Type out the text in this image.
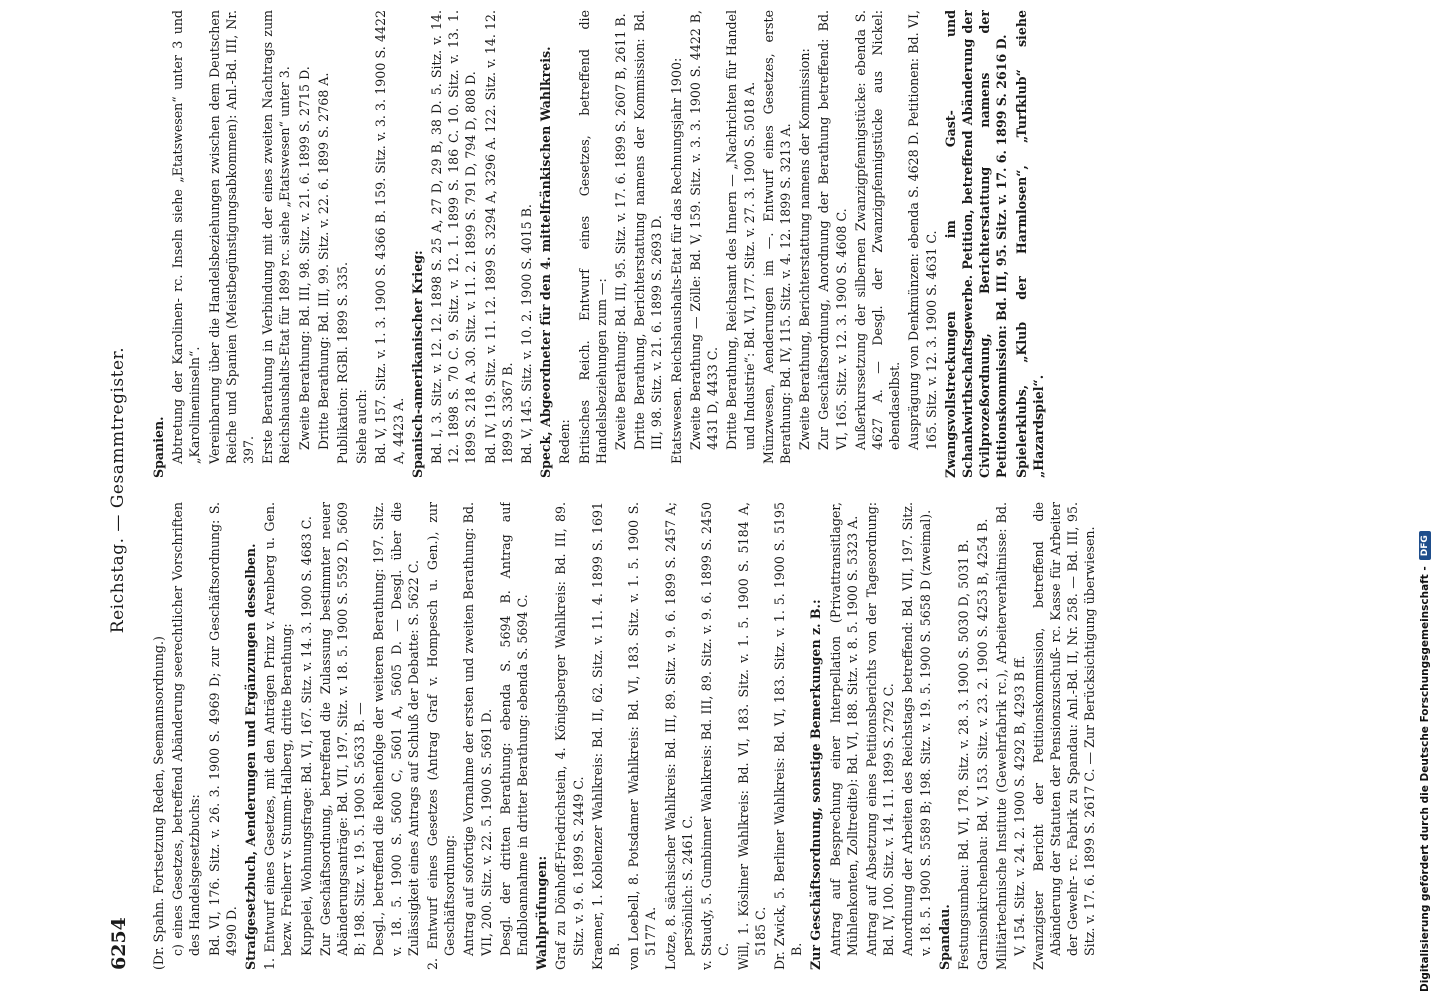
6254
Reichstag. — Gesammtregister.

(Dr. Spahn. Fortsetzung Reden, Seemannsordnung.) c) eines Gesetzes, betreffend Abänderung seerechtlicher Vorschriften des Handelsgesetzbuchs: Bd. VI, 176. Sitz. v. 26. 3. 1900 S. 4969 D; zur Geschäftsordnung: S. 4990 D. Strafgesetzbuch, Aenderungen und Ergänzungen desselben. 1. Entwurf eines Gesetzes, mit den Anträgen Prinz v. Arenberg u. Gen. bezw. Freiherr v. Stumm-Halberg, dritte Berathung: Kuppelei, Wohnungsfrage: Bd. VI, 167. Sitz. v. 14. 3. 1900 S. 4683 C. Zur Geschäftsordnung, betreffend die Zulassung bestimmter neuer Abänderungsanträge: Bd. VII, 197. Sitz. v. 18. 5. 1900 S. 5592 D, 5609 B; 198. Sitz. v. 19. 5. 1900 S. 5633 B. — Desgl., betreffend die Reihenfolge der weiteren Berathung: 197. Sitz. v. 18. 5. 1900 S. 5600 C, 5601 A, 5605 D. — Desgl. über die Zulässigkeit eines Antrags auf Schluß der Debatte: S. 5622 C. 2. Entwurf eines Gesetzes (Antrag Graf v. Hompesch u. Gen.), zur Geschäftsordnung: Antrag auf sofortige Vornahme der ersten und zweiten Berathung: Bd. VII, 200. Sitz. v. 22. 5. 1900 S. 5691 D. Desgl. der dritten Berathung: ebenda S. 5694 B. Antrag auf Endbloannahme in dritter Berathung: ebenda S. 5694 C. Wahlprüfungen: Graf zu Dönhoff-Friedrichstein, 4. Königsberger Wahlkreis: Bd. III, 89. Sitz. v. 9. 6. 1899 S. 2449 C. Kraemer, 1. Koblenzer Wahlkreis: Bd. II, 62. Sitz. v. 11. 4. 1899 S. 1691 B. von Loebell, 8. Potsdamer Wahlkreis: Bd. VI, 183. Sitz. v. 1. 5. 1900 S. 5177 A. Lotze, 8. sächsischer Wahlkreis: Bd. III, 89. Sitz. v. 9. 6. 1899 S. 2457 A; persönlich: S. 2461 C. v. Staudy, 5. Gumbinner Wahlkreis: Bd. III, 89. Sitz. v. 9. 6. 1899 S. 2450 C. Will, 1. Kösliner Wahlkreis: Bd. VI, 183. Sitz. v. 1. 5. 1900 S. 5184 A, 5185 C. Dr. Zwick, 5. Berliner Wahlkreis: Bd. VI, 183. Sitz. v. 1. 5. 1900 S. 5195 B. Zur Geschäftsordnung, sonstige Bemerkungen z. B.: Antrag auf Besprechung einer Interpellation (Privattransitlager, Mühlenkonten, Zolltredite): Bd. VI, 188. Sitz. v. 8. 5. 1900 S. 5323 A. Antrag auf Absetzung eines Petitionsberichts von der Tagesordnung: Bd. IV, 100. Sitz. v. 14. 11. 1899 S. 2792 C. Anordnung der Arbeiten des Reichstags betreffend: Bd. VII, 197. Sitz. v. 18. 5. 1900 S. 5589 B; 198. Sitz. v. 19. 5. 1900 S. 5658 D (zweimal). Spandau. Festungsumbau: Bd. VI, 178. Sitz. v. 28. 3. 1900 S. 5030 D, 5031 B. Garnisonkirchenbau: Bd. V, 153. Sitz. v. 23. 2. 1900 S. 4253 B, 4254 B. Militärtechnische Institute (Gewehrfabrik rc.), Arbeiterverhältnisse: Bd. V, 154. Sitz. v. 24. 2. 1900 S. 4292 B, 4293 B ff. Zwanzigster Bericht der Petitionskommission, betreffend die Abänderung der Statuten der Pensionszuschuß- rc. Kasse für Arbeiter der Gewehr- rc. Fabrik zu Spandau: Anl.-Bd. II, Nr. 258. — Bd. III, 95. Sitz. v. 17. 6. 1899 S. 2617 C. — Zur Berücksichtigung überwiesen.

Spanien. Abtretung der Karolinen- rc. Inseln siehe „Etatswesen“ unter 3 und „Karolineninseln“. Vereinbarung über die Handelsbeziehungen zwischen dem Deutschen Reiche und Spanien (Meistbegünstigungsabkommen): Anl.-Bd. III, Nr. 397. Erste Berathung in Verbindung mit der eines zweiten Nachtrags zum Reichshaushalts-Etat für 1899 rc. siehe „Etatswesen“ unter 3. Zweite Berathung: Bd. III, 98. Sitz. v. 21. 6. 1899 S. 2715 D. Dritte Berathung: Bd. III, 99. Sitz. v. 22. 6. 1899 S. 2768 A. Publikation: RGBl. 1899 S. 335. Siehe auch: Bd. V, 157. Sitz. v. 1. 3. 1900 S. 4366 B. 159. Sitz. v. 3. 3. 1900 S. 4422 A, 4423 A. Spanisch-amerikanischer Krieg: Bd. I, 3. Sitz. v. 12. 12. 1898 S. 25 A, 27 D, 29 B, 38 D. 5. Sitz. v. 14. 12. 1898 S. 70 C. 9. Sitz. v. 12. 1. 1899 S. 186 C. 10. Sitz. v. 13. 1. 1899 S. 218 A. 30. Sitz. v. 11. 2. 1899 S. 791 D, 794 D, 808 D. Bd. IV, 119. Sitz. v. 11. 12. 1899 S. 3294 A, 3296 A. 122. Sitz. v. 14. 12. 1899 S. 3367 B. Bd. V, 145. Sitz. v. 10. 2. 1900 S. 4015 B. Speck, Abgeordneter für den 4. mittelfränkischen Wahlkreis. Reden: Britisches Reich. Entwurf eines Gesetzes, betreffend die Handelsbeziehungen zum —: Zweite Berathung: Bd. III, 95. Sitz. v. 17. 6. 1899 S. 2607 B, 2611 B. Dritte Berathung, Berichterstattung namens der Kommission: Bd. III, 98. Sitz. v. 21. 6. 1899 S. 2693 D. Etatswesen. Reichshaushalts-Etat für das Rechnungsjahr 1900: Zweite Berathung — Zölle: Bd. V, 159. Sitz. v. 3. 3. 1900 S. 4422 B, 4431 D, 4433 C. Dritte Berathung, Reichsamt des Innern — „Nachrichten für Handel und Industrie“: Bd. VI, 177. Sitz. v. 27. 3. 1900 S. 5018 A. Münzwesen, Aenderungen im —. Entwurf eines Gesetzes, erste Berathung: Bd. IV, 115. Sitz. v. 4. 12. 1899 S. 3213 A. Zweite Berathung, Berichterstattung namens der Kommission: Zur Geschäftsordnung, Anordnung der Berathung betreffend: Bd. VI, 165. Sitz. v. 12. 3. 1900 S. 4608 C. Außerkurssetzung der silbernen Zwanzigpfennigstücke: ebenda S. 4627 A. — Desgl. der Zwanzigpfennigstücke aus Nickel: ebendaselbst. Ausprägung von Denkmünzen: ebenda S. 4628 D. Petitionen: Bd. VI, 165. Sitz. v. 12. 3. 1900 S. 4631 C. Zwangsvollstreckungen im Gast- und Schankwirthschaftsgewerbe. Petition, betreffend Abänderung der Civilprozeßordnung, Berichterstattung namens der Petitionskommission: Bd. III, 95. Sitz. v. 17. 6. 1899 S. 2616 D. Spielerklubs, „Klub der Harmlosen“, „Turfklub“ siehe „Hazardspiel“.

Digitalisierung gefördert durch die Deutsche Forschungsgemeinschaft -
DFG
